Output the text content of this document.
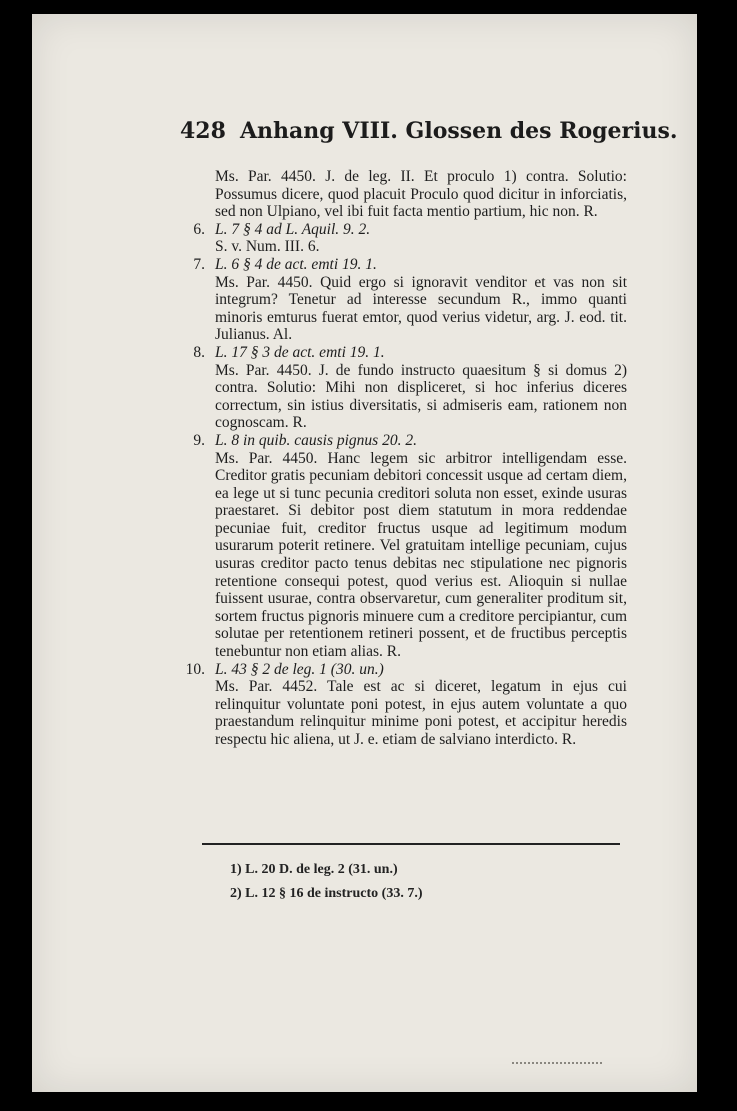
428 Anhang VIII. Glossen des Rogerius.

Ms. Par. 4450. J. de leg. II. Et proculo 1) contra. Solutio: Possumus dicere, quod placuit Proculo quod dicitur in inforciatis, sed non Ulpiano, vel ibi fuit facta mentio partium, hic non. R.

6. L. 7 § 4 ad L. Aquil. 9. 2.

S. v. Num. III. 6.

7. L. 6 § 4 de act. emti 19. 1.

Ms. Par. 4450. Quid ergo si ignoravit venditor et vas non sit integrum? Tenetur ad interesse secundum R., immo quanti minoris emturus fuerat emtor, quod verius videtur, arg. J. eod. tit. Julianus. Al.

8. L. 17 § 3 de act. emti 19. 1.

Ms. Par. 4450. J. de fundo instructo quaesitum § si domus 2) contra. Solutio: Mihi non displiceret, si hoc inferius diceres correctum, sin istius diversitatis, si admiseris eam, rationem non cognoscam. R.

9. L. 8 in quib. causis pignus 20. 2.

Ms. Par. 4450. Hanc legem sic arbitror intelligendam esse. Creditor gratis pecuniam debitori concessit usque ad certam diem, ea lege ut si tunc pecunia creditori soluta non esset, exinde usuras praestaret. Si debitor post diem statutum in mora reddendae pecuniae fuit, creditor fructus usque ad legitimum modum usurarum poterit retinere. Vel gratuitam intellige pecuniam, cujus usuras creditor pacto tenus debitas nec stipulatione nec pignoris retentione consequi potest, quod verius est. Alioquin si nullae fuissent usurae, contra observaretur, cum generaliter proditum sit, sortem fructus pignoris minuere cum a creditore percipiantur, cum solutae per retentionem retineri possent, et de fructibus perceptis tenebuntur non etiam alias. R.

10. L. 43 § 2 de leg. 1 (30. un.)

Ms. Par. 4452. Tale est ac si diceret, legatum in ejus cui relinquitur voluntate poni potest, in ejus autem voluntate a quo praestandum relinquitur minime poni potest, et accipitur heredis respectu hic aliena, ut J. e. etiam de salviano interdicto. R.

1) L. 20 D. de leg. 2 (31. un.)
2) L. 12 § 16 de instructo (33. 7.)
